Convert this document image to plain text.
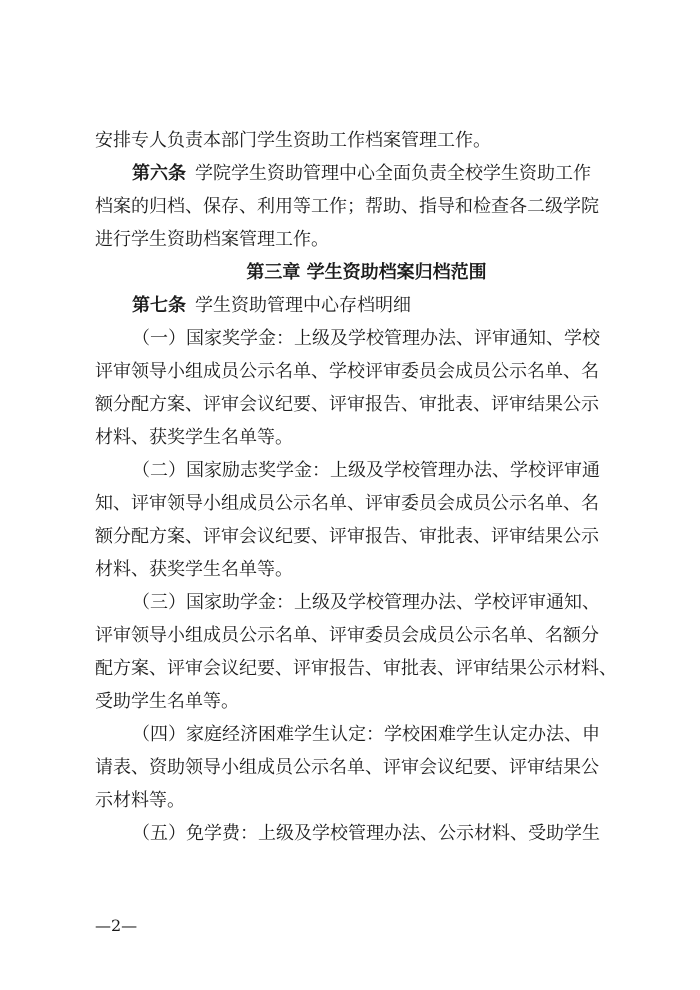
安排专人负责本部门学生资助工作档案管理工作。
第六条 学院学生资助管理中心全面负责全校学生资助工作
档案的归档、保存、利用等工作；帮助、指导和检查各二级学院
进行学生资助档案管理工作。
第三章 学生资助档案归档范围
第七条 学生资助管理中心存档明细
（一）国家奖学金：上级及学校管理办法、评审通知、学校
评审领导小组成员公示名单、学校评审委员会成员公示名单、名
额分配方案、评审会议纪要、评审报告、审批表、评审结果公示
材料、获奖学生名单等。
（二）国家励志奖学金：上级及学校管理办法、学校评审通
知、评审领导小组成员公示名单、评审委员会成员公示名单、名
额分配方案、评审会议纪要、评审报告、审批表、评审结果公示
材料、获奖学生名单等。
（三）国家助学金：上级及学校管理办法、学校评审通知、
评审领导小组成员公示名单、评审委员会成员公示名单、名额分
配方案、评审会议纪要、评审报告、审批表、评审结果公示材料、
受助学生名单等。
（四）家庭经济困难学生认定：学校困难学生认定办法、申
请表、资助领导小组成员公示名单、评审会议纪要、评审结果公
示材料等。
（五）免学费：上级及学校管理办法、公示材料、受助学生
—2—
